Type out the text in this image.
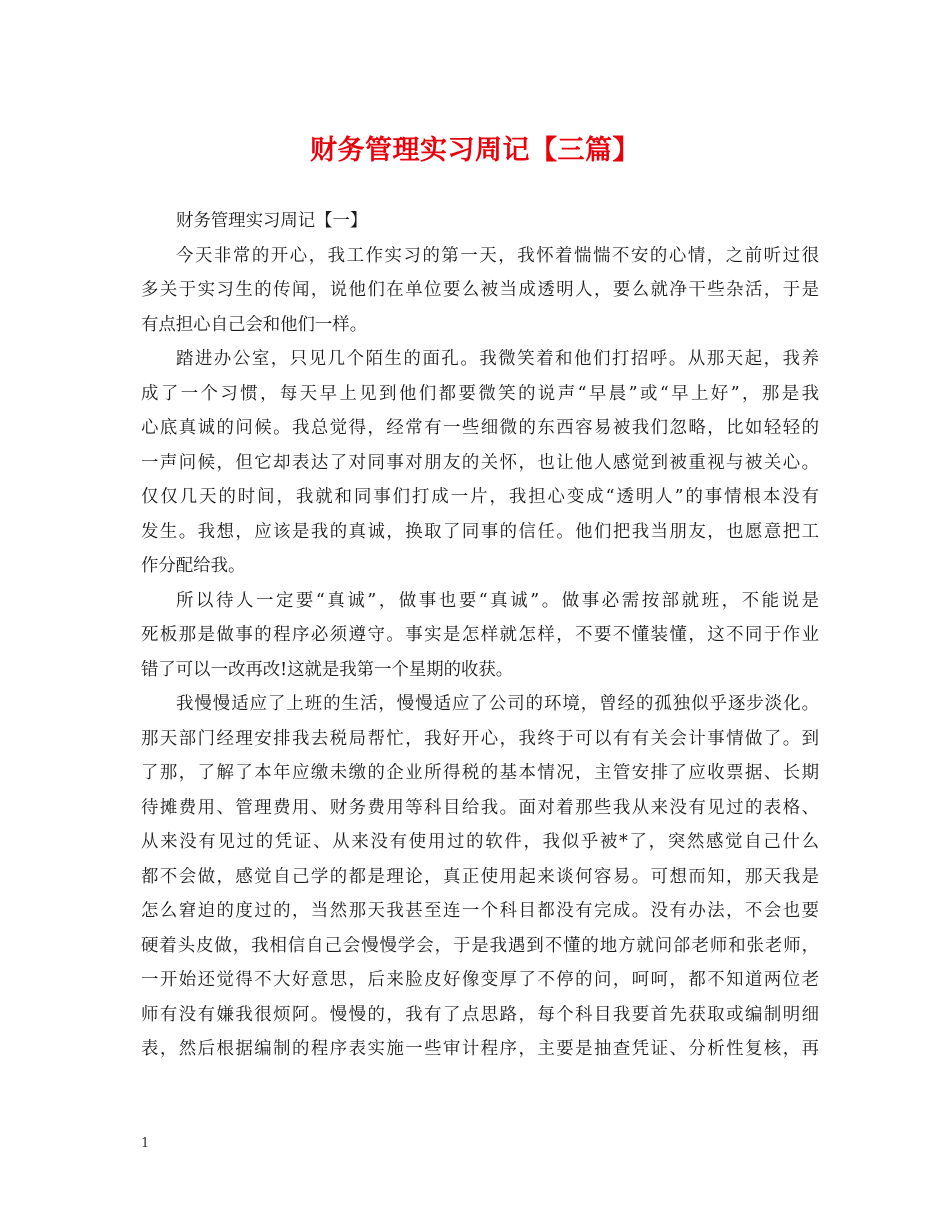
财务管理实习周记【三篇】
财务管理实习周记【一】
今天非常的开心，我工作实习的第一天，我怀着惴惴不安的心情，之前听过很
多关于实习生的传闻，说他们在单位要么被当成透明人，要么就净干些杂活，于是
有点担心自己会和他们一样。
踏进办公室，只见几个陌生的面孔。我微笑着和他们打招呼。从那天起，我养
成了一个习惯，每天早上见到他们都要微笑的说声“早晨”或“早上好”，那是我
心底真诚的问候。我总觉得，经常有一些细微的东西容易被我们忽略，比如轻轻的
一声问候，但它却表达了对同事对朋友的关怀，也让他人感觉到被重视与被关心。
仅仅几天的时间，我就和同事们打成一片，我担心变成“透明人”的事情根本没有
发生。我想，应该是我的真诚，换取了同事的信任。他们把我当朋友，也愿意把工
作分配给我。
所以待人一定要“真诚”，做事也要“真诚”。做事必需按部就班，不能说是
死板那是做事的程序必须遵守。事实是怎样就怎样，不要不懂装懂，这不同于作业
错了可以一改再改!这就是我第一个星期的收获。
我慢慢适应了上班的生活，慢慢适应了公司的环境，曾经的孤独似乎逐步淡化。
那天部门经理安排我去税局帮忙，我好开心，我终于可以有有关会计事情做了。到
了那，了解了本年应缴未缴的企业所得税的基本情况，主管安排了应收票据、长期
待摊费用、管理费用、财务费用等科目给我。面对着那些我从来没有见过的表格、
从来没有见过的凭证、从来没有使用过的软件，我似乎被*了，突然感觉自己什么
都不会做，感觉自己学的都是理论，真正使用起来谈何容易。可想而知，那天我是
怎么窘迫的度过的，当然那天我甚至连一个科目都没有完成。没有办法，不会也要
硬着头皮做，我相信自己会慢慢学会，于是我遇到不懂的地方就问郃老师和张老师，
一开始还觉得不大好意思，后来脸皮好像变厚了不停的问，呵呵，都不知道两位老
师有没有嫌我很烦阿。慢慢的，我有了点思路，每个科目我要首先获取或编制明细
表，然后根据编制的程序表实施一些审计程序，主要是抽查凭证、分析性复核，再
1
